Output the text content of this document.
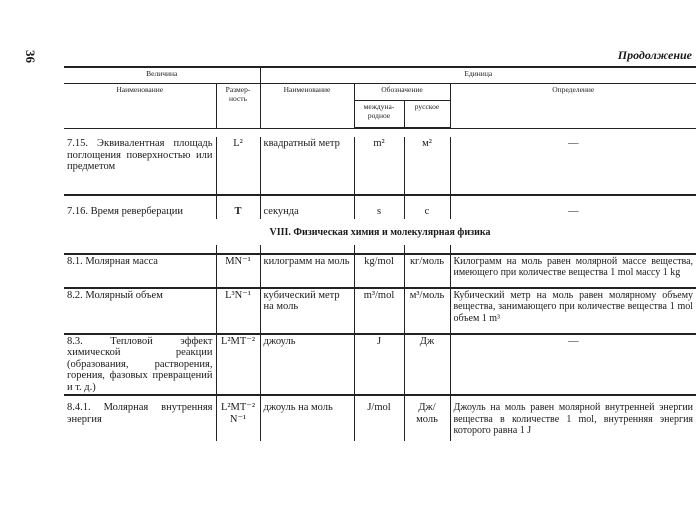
36	Продолжение
Величина		Единица			
Наименование	Размер-ность	Наименование	Обозначение		Определение
			междуна-родное	русское	

7.15. Эквивалентная площадь поглощения поверхностью или предметом	L²	квадратный метр	m²	м²	—
7.16. Время реверберации	T	секунда	s	с	—
VIII. Физическая химия и молекулярная физика					

8.1. Молярная масса	MN⁻¹	килограмм на моль	kg/mol	кг/моль	Килограмм на моль равен молярной массе вещества, имеющего при количестве вещества 1 mol массу 1 kg
8.2. Молярный объем	L³N⁻¹	кубический метр на моль	m³/mol	м³/моль	Кубический метр на моль равен молярному объему вещества, занимающего при количестве вещества 1 mol объем 1 m³
8.3. Тепловой эффект химической реакции (образования, растворения, горения, фазовых превращений и т. д.)	L²MT⁻²	джоуль	J	Дж	—
8.4.1. Молярная внутренняя энергия	L²MT⁻² N⁻¹	джоуль на моль	J/mol	Дж/моль	Джоуль на моль равен молярной внутренней энергии вещества в количестве 1 mol, внутренняя энергия которого равна 1 J
